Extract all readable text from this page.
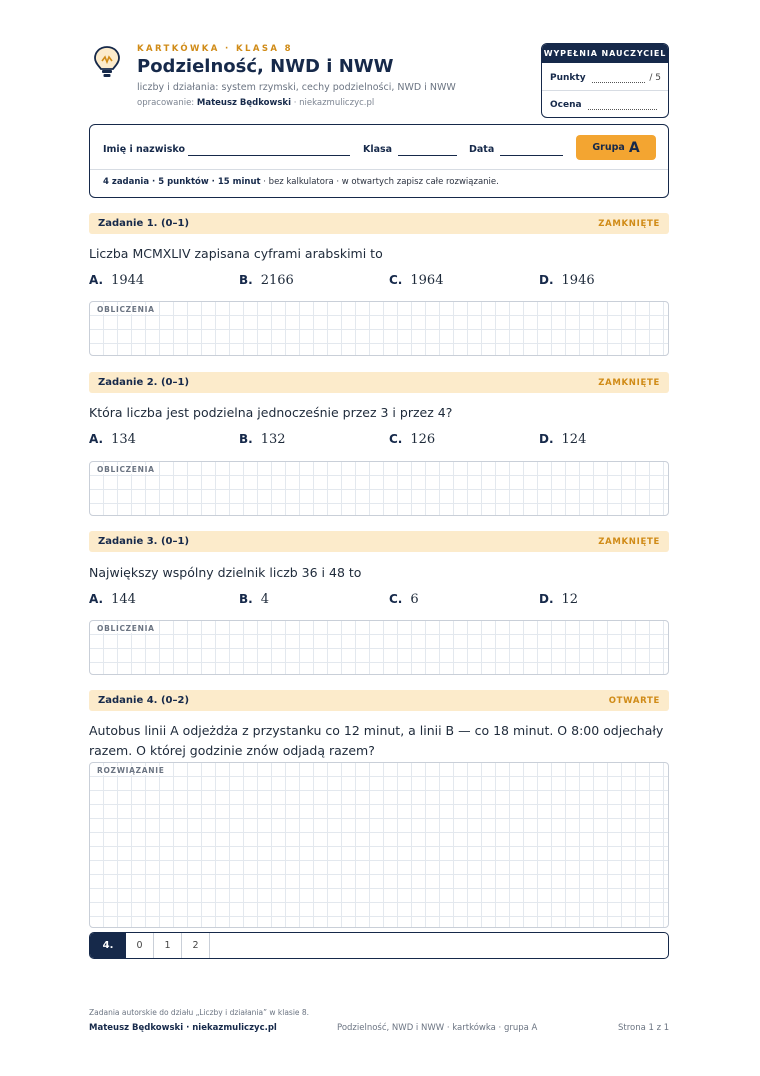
KARTKÓWKA · KLASA 8
Podzielność, NWD i NWW
liczby i działania: system rzymski, cechy podzielności, NWD i NWW
opracowanie: Mateusz Będkowski · niekazmuliczyc.pl
WYPEŁNIA NAUCZYCIEL
Punkty	/ 5
Ocena
Imię i nazwisko	Klasa	Data	Grupa A
4 zadania · 5 punktów · 15 minut · bez kalkulatora · w otwartych zapisz całe rozwiązanie.
Zadanie 1. (0–1)	ZAMKNIĘTE
Liczba MCMXLIV zapisana cyframi arabskimi to
A. 1944	B. 2166	C. 1964	D. 1946
OBLICZENIA
Zadanie 2. (0–1)	ZAMKNIĘTE
Która liczba jest podzielna jednocześnie przez 3 i przez 4?
A. 134	B. 132	C. 126	D. 124
OBLICZENIA
Zadanie 3. (0–1)	ZAMKNIĘTE
Największy wspólny dzielnik liczb 36 i 48 to
A. 144	B. 4	C. 6	D. 12
OBLICZENIA
Zadanie 4. (0–2)	OTWARTE
Autobus linii A odjeżdża z przystanku co 12 minut, a linii B — co 18 minut. O 8:00 odjechały razem. O której godzinie znów odjadą razem?
ROZWIĄZANIE
4.	0	1	2
Zadania autorskie do działu „Liczby i działania” w klasie 8.
Mateusz Będkowski · niekazmuliczyc.pl	Podzielność, NWD i NWW · kartkówka · grupa A	Strona 1 z 1
